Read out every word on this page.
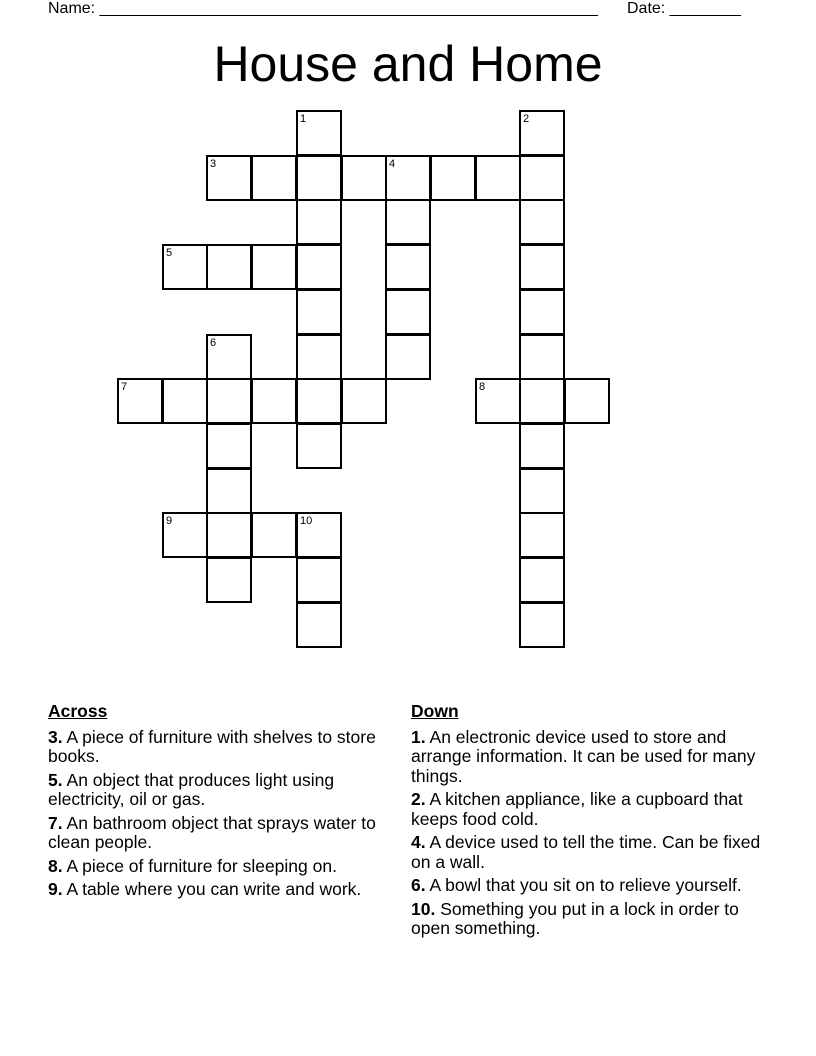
Name: ________________________________________________________ Date: ________
House and Home
1	2
3	4
5
6
7	8
9	10
Across
3. A piece of furniture with shelves to store books.
5. An object that produces light using electricity, oil or gas.
7. An bathroom object that sprays water to clean people.
8. A piece of furniture for sleeping on.
9. A table where you can write and work.
Down
1. An electronic device used to store and arrange information. It can be used for many things.
2. A kitchen appliance, like a cupboard that keeps food cold.
4. A device used to tell the time. Can be fixed on a wall.
6. A bowl that you sit on to relieve yourself.
10. Something you put in a lock in order to open something.
